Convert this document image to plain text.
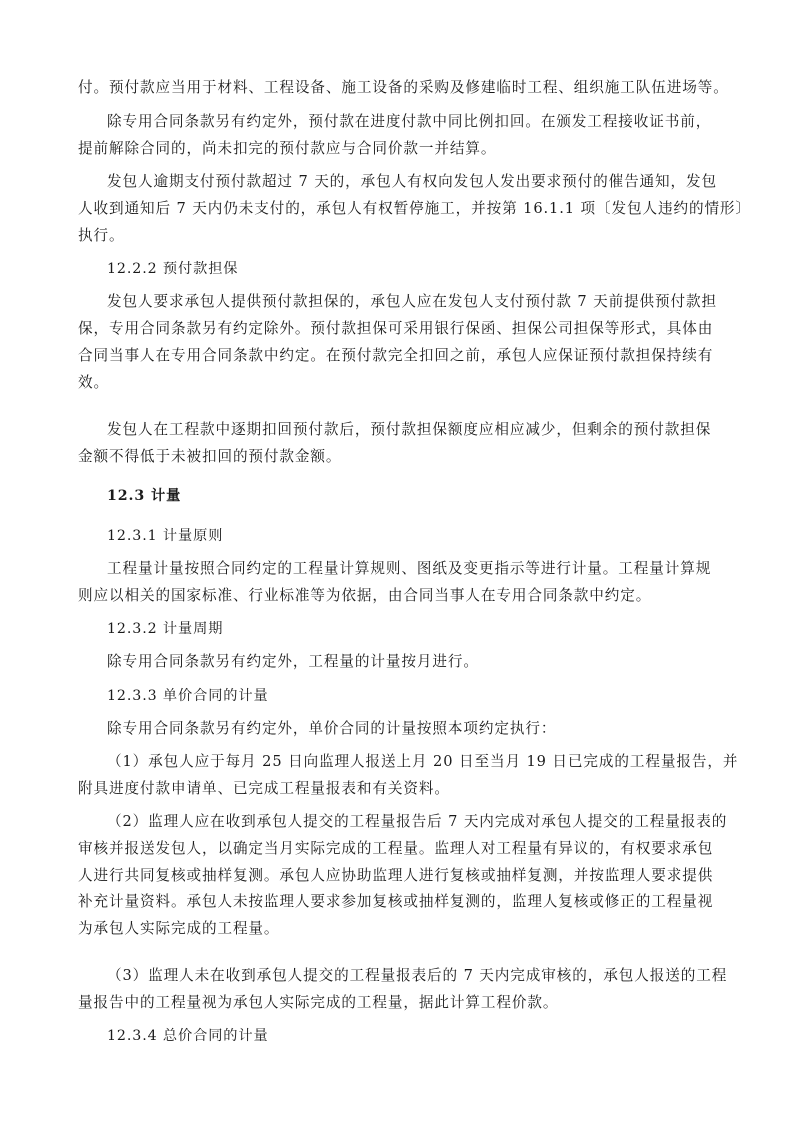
付。预付款应当用于材料、工程设备、施工设备的采购及修建临时工程、组织施工队伍进场等。
除专用合同条款另有约定外，预付款在进度付款中同比例扣回。在颁发工程接收证书前，
提前解除合同的，尚未扣完的预付款应与合同价款一并结算。
发包人逾期支付预付款超过 7 天的，承包人有权向发包人发出要求预付的催告通知，发包
人收到通知后 7 天内仍未支付的，承包人有权暂停施工，并按第 16.1.1 项〔发包人违约的情形〕
执行。
12.2.2 预付款担保
发包人要求承包人提供预付款担保的，承包人应在发包人支付预付款 7 天前提供预付款担
保，专用合同条款另有约定除外。预付款担保可采用银行保函、担保公司担保等形式，具体由
合同当事人在专用合同条款中约定。在预付款完全扣回之前，承包人应保证预付款担保持续有
效。
发包人在工程款中逐期扣回预付款后，预付款担保额度应相应减少，但剩余的预付款担保
金额不得低于未被扣回的预付款金额。
12.3 计量
12.3.1 计量原则
工程量计量按照合同约定的工程量计算规则、图纸及变更指示等进行计量。工程量计算规
则应以相关的国家标准、行业标准等为依据，由合同当事人在专用合同条款中约定。
12.3.2 计量周期
除专用合同条款另有约定外，工程量的计量按月进行。
12.3.3 单价合同的计量
除专用合同条款另有约定外，单价合同的计量按照本项约定执行：
（1）承包人应于每月 25 日向监理人报送上月 20 日至当月 19 日已完成的工程量报告，并
附具进度付款申请单、已完成工程量报表和有关资料。
（2）监理人应在收到承包人提交的工程量报告后 7 天内完成对承包人提交的工程量报表的
审核并报送发包人，以确定当月实际完成的工程量。监理人对工程量有异议的，有权要求承包
人进行共同复核或抽样复测。承包人应协助监理人进行复核或抽样复测，并按监理人要求提供
补充计量资料。承包人未按监理人要求参加复核或抽样复测的，监理人复核或修正的工程量视
为承包人实际完成的工程量。
（3）监理人未在收到承包人提交的工程量报表后的 7 天内完成审核的，承包人报送的工程
量报告中的工程量视为承包人实际完成的工程量，据此计算工程价款。
12.3.4 总价合同的计量
